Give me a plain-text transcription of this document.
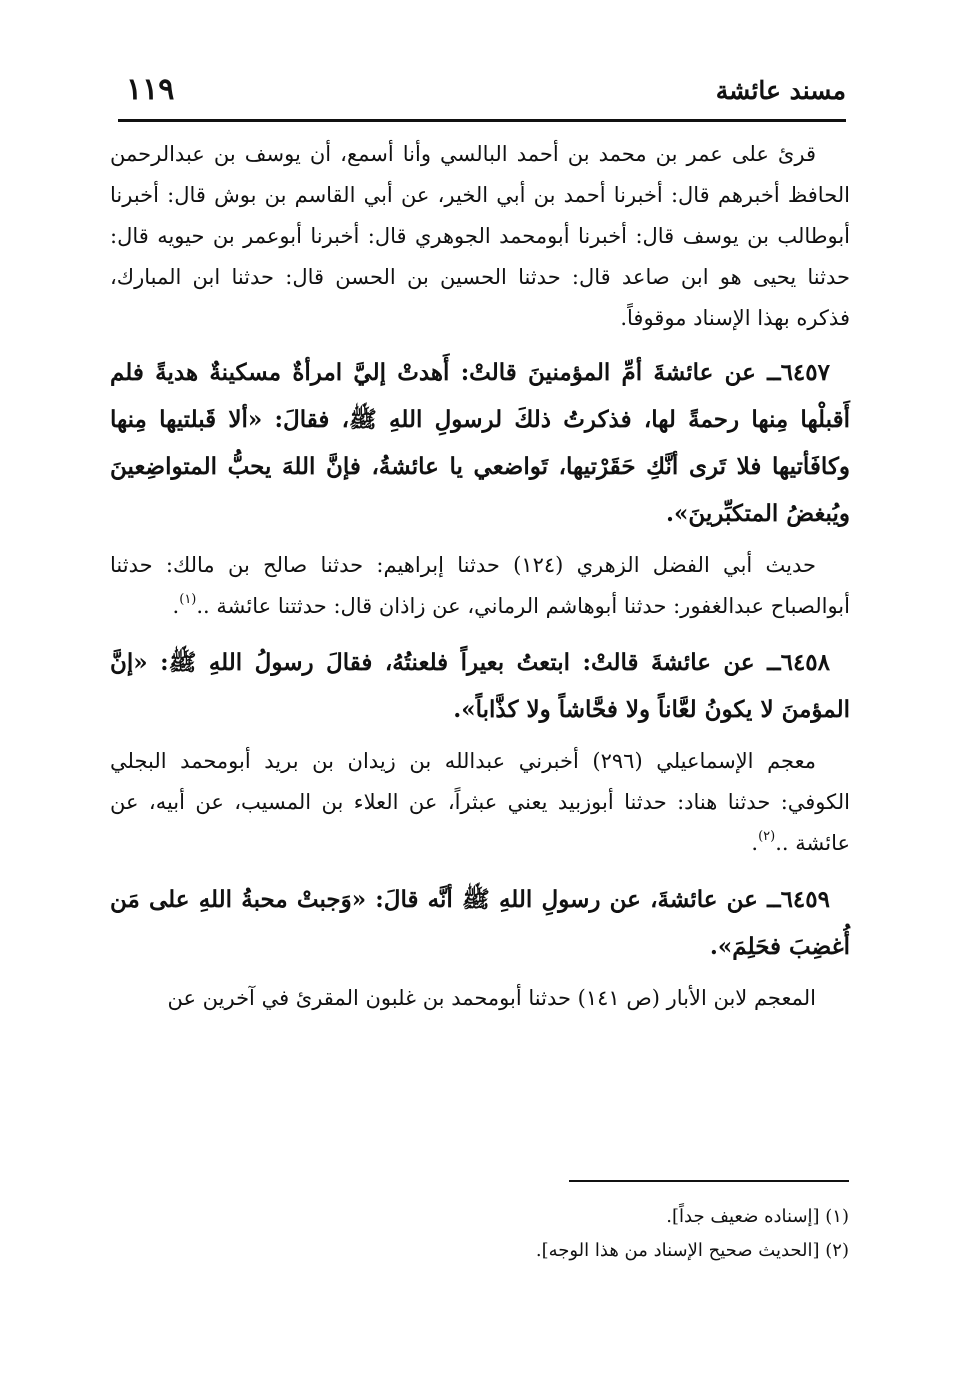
١١٩	مسند عائشة

قرئ على عمر بن محمد بن أحمد البالسي وأنا أسمع، أن يوسف بن عبدالرحمن الحافظ أخبرهم قال: أخبرنا أحمد بن أبي الخير، عن أبي القاسم بن بوش قال: أخبرنا أبوطالب بن يوسف قال: أخبرنا أبومحمد الجوهري قال: أخبرنا أبوعمر بن حيويه قال: حدثنا يحيى هو ابن صاعد قال: حدثنا الحسين بن الحسن قال: حدثنا ابن المبارك، فذكره بهذا الإسناد موقوفاً.

٦٤٥٧ــ عن عائشةَ أمِّ المؤمنينَ قالتْ: أَهدتْ إليَّ امرأةٌ مسكينةٌ هديةً فلم أَقبلْها مِنها رحمةً لها، فذكرتُ ذلكَ لرسولِ اللهِ ﷺ، فقالَ: «ألا قَبلتيها مِنها وكافَأتيها فلا تَرى أنَّكِ حَقَرْتيها، تَواضعي يا عائشةُ، فإنَّ اللهَ يحبُّ المتواضِعينَ ويُبغضُ المتكبِّرينَ».

حديث أبي الفضل الزهري (١٢٤) حدثنا إبراهيم: حدثنا صالح بن مالك: حدثنا أبوالصباح عبدالغفور: حدثنا أبوهاشم الرماني، عن زاذان قال: حدثتنا عائشة ..$^{(١)}$.

٦٤٥٨ــ عن عائشةَ قالتْ: ابتعتُ بعيراً فلعنتُهُ، فقالَ رسولُ اللهِ ﷺ: «إنَّ المؤمنَ لا يكونُ لعَّاناً ولا فحَّاشاً ولا كذَّاباً».

معجم الإسماعيلي (٢٩٦) أخبرني عبدالله بن زيدان بن بريد أبومحمد البجلي الكوفي: حدثنا هناد: حدثنا أبوزبيد يعني عبثراً، عن العلاء بن المسيب، عن أبيه، عن عائشة ..$^{(٢)}$.

٦٤٥٩ــ عن عائشةَ، عن رسولِ اللهِ ﷺ أنَّه قالَ: «وَجبتْ محبةُ اللهِ على مَن أُغضِبَ فحَلِمَ».

المعجم لابن الأبار (ص ١٤١) حدثنا أبومحمد بن غلبون المقرئ في آخرين عن

(١) [إسناده ضعيف جداً].
(٢) [الحديث صحيح الإسناد من هذا الوجه].
